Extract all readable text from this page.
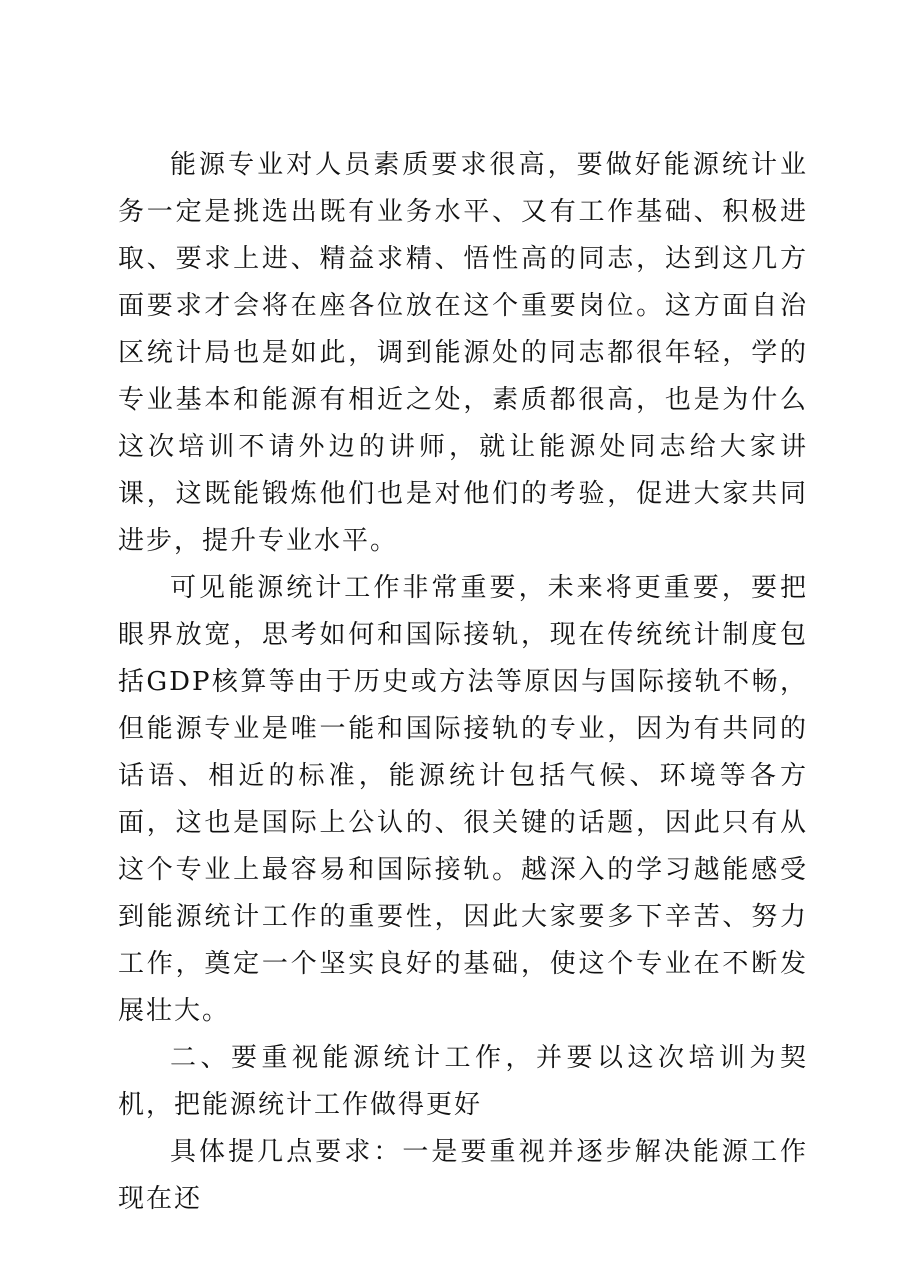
能源专业对人员素质要求很高，要做好能源统计业务一定是挑选出既有业务水平、又有工作基础、积极进取、要求上进、精益求精、悟性高的同志，达到这几方面要求才会将在座各位放在这个重要岗位。这方面自治区统计局也是如此，调到能源处的同志都很年轻，学的专业基本和能源有相近之处，素质都很高，也是为什么这次培训不请外边的讲师，就让能源处同志给大家讲课，这既能锻炼他们也是对他们的考验，促进大家共同进步，提升专业水平。

可见能源统计工作非常重要，未来将更重要，要把眼界放宽，思考如何和国际接轨，现在传统统计制度包括GDP核算等由于历史或方法等原因与国际接轨不畅，但能源专业是唯一能和国际接轨的专业，因为有共同的话语、相近的标准，能源统计包括气候、环境等各方面，这也是国际上公认的、很关键的话题，因此只有从这个专业上最容易和国际接轨。越深入的学习越能感受到能源统计工作的重要性，因此大家要多下辛苦、努力工作，奠定一个坚实良好的基础，使这个专业在不断发展壮大。

二、要重视能源统计工作，并要以这次培训为契机，把能源统计工作做得更好

具体提几点要求：一是要重视并逐步解决能源工作现在还
